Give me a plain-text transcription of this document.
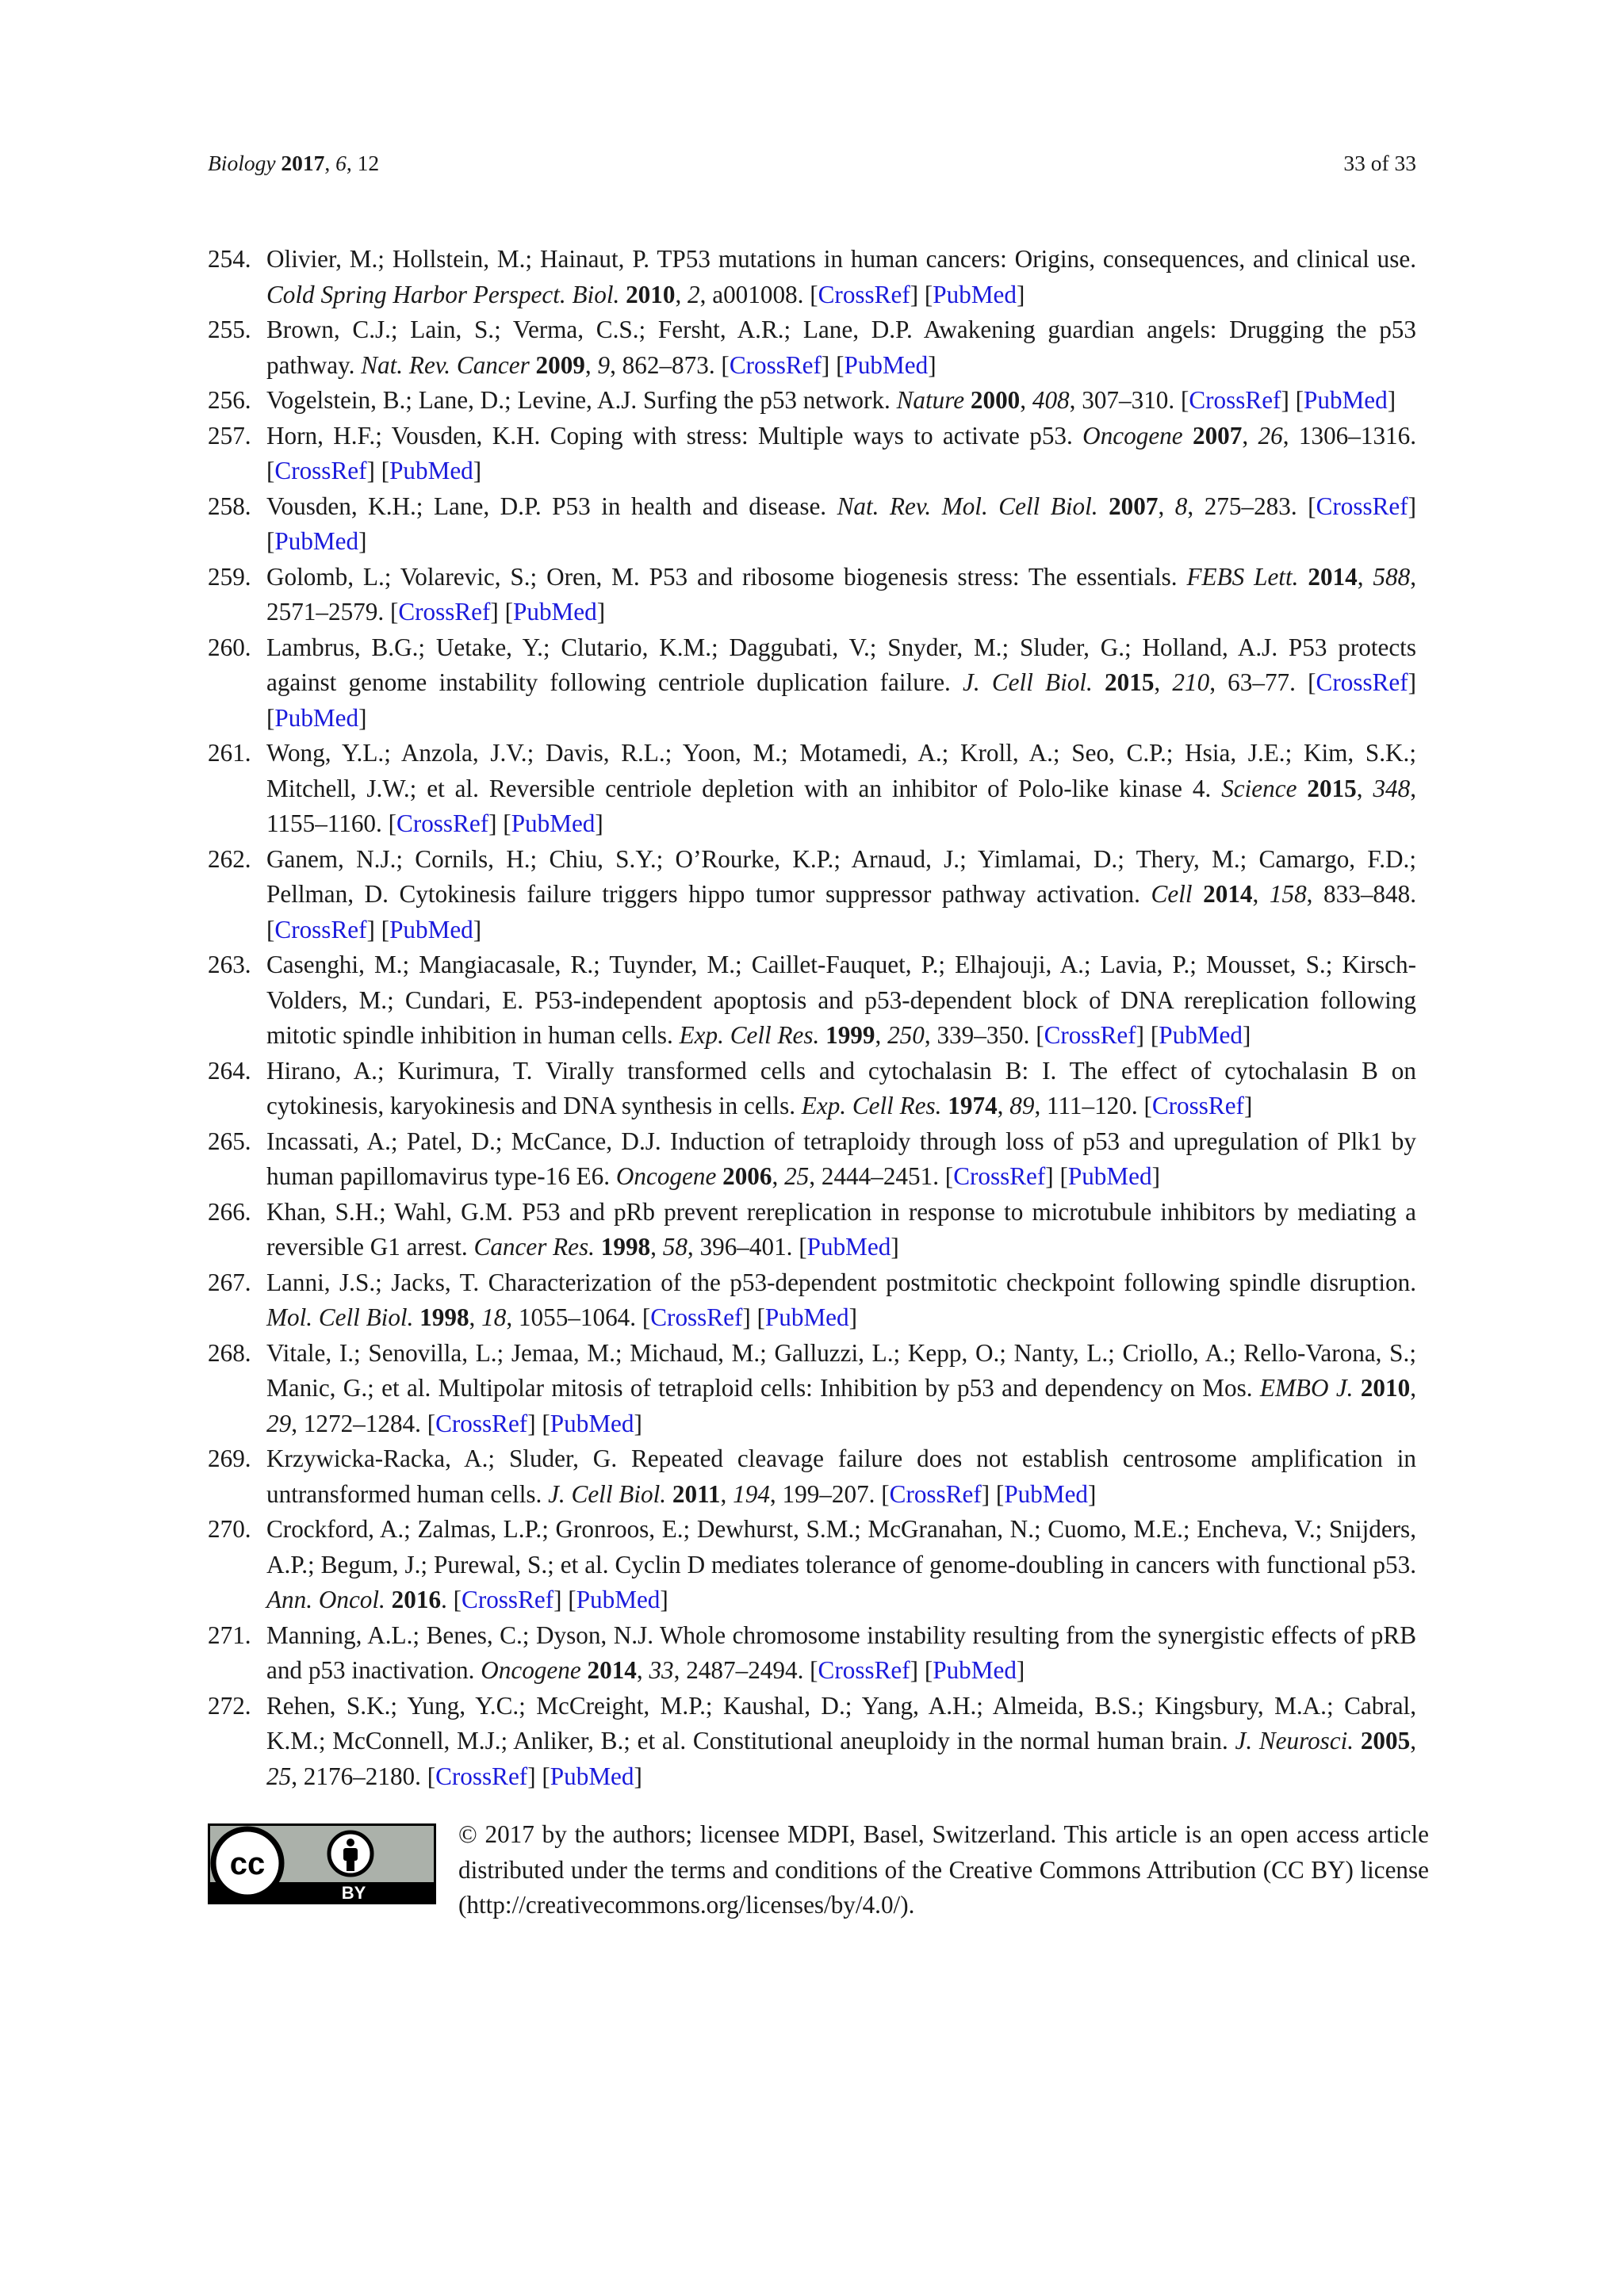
Biology 2017, 6, 12	33 of 33
254. Olivier, M.; Hollstein, M.; Hainaut, P. TP53 mutations in human cancers: Origins, consequences, and clinical use. Cold Spring Harbor Perspect. Biol. 2010, 2, a001008. [CrossRef] [PubMed]
255. Brown, C.J.; Lain, S.; Verma, C.S.; Fersht, A.R.; Lane, D.P. Awakening guardian angels: Drugging the p53 pathway. Nat. Rev. Cancer 2009, 9, 862–873. [CrossRef] [PubMed]
256. Vogelstein, B.; Lane, D.; Levine, A.J. Surfing the p53 network. Nature 2000, 408, 307–310. [CrossRef] [PubMed]
257. Horn, H.F.; Vousden, K.H. Coping with stress: Multiple ways to activate p53. Oncogene 2007, 26, 1306–1316. [CrossRef] [PubMed]
258. Vousden, K.H.; Lane, D.P. P53 in health and disease. Nat. Rev. Mol. Cell Biol. 2007, 8, 275–283. [CrossRef] [PubMed]
259. Golomb, L.; Volarevic, S.; Oren, M. P53 and ribosome biogenesis stress: The essentials. FEBS Lett. 2014, 588, 2571–2579. [CrossRef] [PubMed]
260. Lambrus, B.G.; Uetake, Y.; Clutario, K.M.; Daggubati, V.; Snyder, M.; Sluder, G.; Holland, A.J. P53 protects against genome instability following centriole duplication failure. J. Cell Biol. 2015, 210, 63–77. [CrossRef] [PubMed]
261. Wong, Y.L.; Anzola, J.V.; Davis, R.L.; Yoon, M.; Motamedi, A.; Kroll, A.; Seo, C.P.; Hsia, J.E.; Kim, S.K.; Mitchell, J.W.; et al. Reversible centriole depletion with an inhibitor of Polo-like kinase 4. Science 2015, 348, 1155–1160. [CrossRef] [PubMed]
262. Ganem, N.J.; Cornils, H.; Chiu, S.Y.; O’Rourke, K.P.; Arnaud, J.; Yimlamai, D.; Thery, M.; Camargo, F.D.; Pellman, D. Cytokinesis failure triggers hippo tumor suppressor pathway activation. Cell 2014, 158, 833–848. [CrossRef] [PubMed]
263. Casenghi, M.; Mangiacasale, R.; Tuynder, M.; Caillet-Fauquet, P.; Elhajouji, A.; Lavia, P.; Mousset, S.; Kirsch-Volders, M.; Cundari, E. P53-independent apoptosis and p53-dependent block of DNA rereplication following mitotic spindle inhibition in human cells. Exp. Cell Res. 1999, 250, 339–350. [CrossRef] [PubMed]
264. Hirano, A.; Kurimura, T. Virally transformed cells and cytochalasin B: I. The effect of cytochalasin B on cytokinesis, karyokinesis and DNA synthesis in cells. Exp. Cell Res. 1974, 89, 111–120. [CrossRef]
265. Incassati, A.; Patel, D.; McCance, D.J. Induction of tetraploidy through loss of p53 and upregulation of Plk1 by human papillomavirus type-16 E6. Oncogene 2006, 25, 2444–2451. [CrossRef] [PubMed]
266. Khan, S.H.; Wahl, G.M. P53 and pRb prevent rereplication in response to microtubule inhibitors by mediating a reversible G1 arrest. Cancer Res. 1998, 58, 396–401. [PubMed]
267. Lanni, J.S.; Jacks, T. Characterization of the p53-dependent postmitotic checkpoint following spindle disruption. Mol. Cell Biol. 1998, 18, 1055–1064. [CrossRef] [PubMed]
268. Vitale, I.; Senovilla, L.; Jemaa, M.; Michaud, M.; Galluzzi, L.; Kepp, O.; Nanty, L.; Criollo, A.; Rello-Varona, S.; Manic, G.; et al. Multipolar mitosis of tetraploid cells: Inhibition by p53 and dependency on Mos. EMBO J. 2010, 29, 1272–1284. [CrossRef] [PubMed]
269. Krzywicka-Racka, A.; Sluder, G. Repeated cleavage failure does not establish centrosome amplification in untransformed human cells. J. Cell Biol. 2011, 194, 199–207. [CrossRef] [PubMed]
270. Crockford, A.; Zalmas, L.P.; Gronroos, E.; Dewhurst, S.M.; McGranahan, N.; Cuomo, M.E.; Encheva, V.; Snijders, A.P.; Begum, J.; Purewal, S.; et al. Cyclin D mediates tolerance of genome-doubling in cancers with functional p53. Ann. Oncol. 2016. [CrossRef] [PubMed]
271. Manning, A.L.; Benes, C.; Dyson, N.J. Whole chromosome instability resulting from the synergistic effects of pRB and p53 inactivation. Oncogene 2014, 33, 2487–2494. [CrossRef] [PubMed]
272. Rehen, S.K.; Yung, Y.C.; McCreight, M.P.; Kaushal, D.; Yang, A.H.; Almeida, B.S.; Kingsbury, M.A.; Cabral, K.M.; McConnell, M.J.; Anliker, B.; et al. Constitutional aneuploidy in the normal human brain. J. Neurosci. 2005, 25, 2176–2180. [CrossRef] [PubMed]
cc
BY
© 2017 by the authors; licensee MDPI, Basel, Switzerland. This article is an open access article distributed under the terms and conditions of the Creative Commons Attribution (CC BY) license (http://creativecommons.org/licenses/by/4.0/).
